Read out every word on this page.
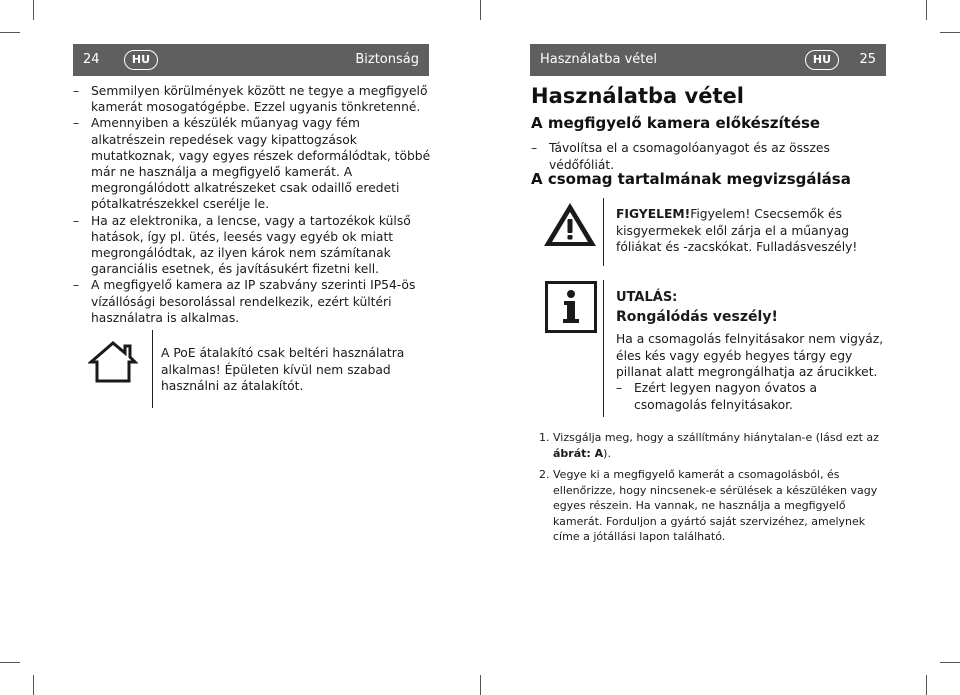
24	HU	Biztonság
– Semmilyen körülmények között ne tegye a megfigyelő kamerát mosogatógépbe. Ezzel ugyanis tönkretenné.
– Amennyiben a készülék műanyag vagy fém alkatrészein repedések vagy kipattogzások mutatkoznak, vagy egyes részek deformálódtak, többé már ne használja a megfigyelő kamerát. A megrongálódott alkatrészeket csak odaillő eredeti pótalkatrészekkel cserélje le.
– Ha az elektronika, a lencse, vagy a tartozékok külső hatások, így pl. ütés, leesés vagy egyéb ok miatt megrongálódtak, az ilyen károk nem számítanak garanciális esetnek, és javításukért fizetni kell.
– A megfigyelő kamera az IP szabvány szerinti IP54-ös vízállósági besorolással rendelkezik, ezért kültéri használatra is alkalmas.
A PoE átalakító csak beltéri használatra alkalmas! Épületen kívül nem szabad használni az átalakítót.
Használatba vétel	HU	25
Használatba vétel
A megfigyelő kamera előkészítése
– Távolítsa el a csomagolóanyagot és az összes védőfóliát.
A csomag tartalmának megvizsgálása
FIGYELEM!Figyelem! Csecsemők és kisgyermekek elől zárja el a műanyag fóliákat és -zacskókat. Fulladásveszély!
UTALÁS:
Rongálódás veszély!
Ha a csomagolás felnyitásakor nem vigyáz, éles kés vagy egyéb hegyes tárgy egy pillanat alatt megrongálhatja az árucikket.
– Ezért legyen nagyon óvatos a csomagolás felnyitásakor.
1. Vizsgálja meg, hogy a szállítmány hiánytalan-e (lásd ezt az ábrát: A).
2. Vegye ki a megfigyelő kamerát a csomagolásból, és ellenőrizze, hogy nincsenek-e sérülések a készüléken vagy egyes részein. Ha vannak, ne használja a megfigyelő kamerát. Forduljon a gyártó saját szervizéhez, amelynek címe a jótállási lapon található.
